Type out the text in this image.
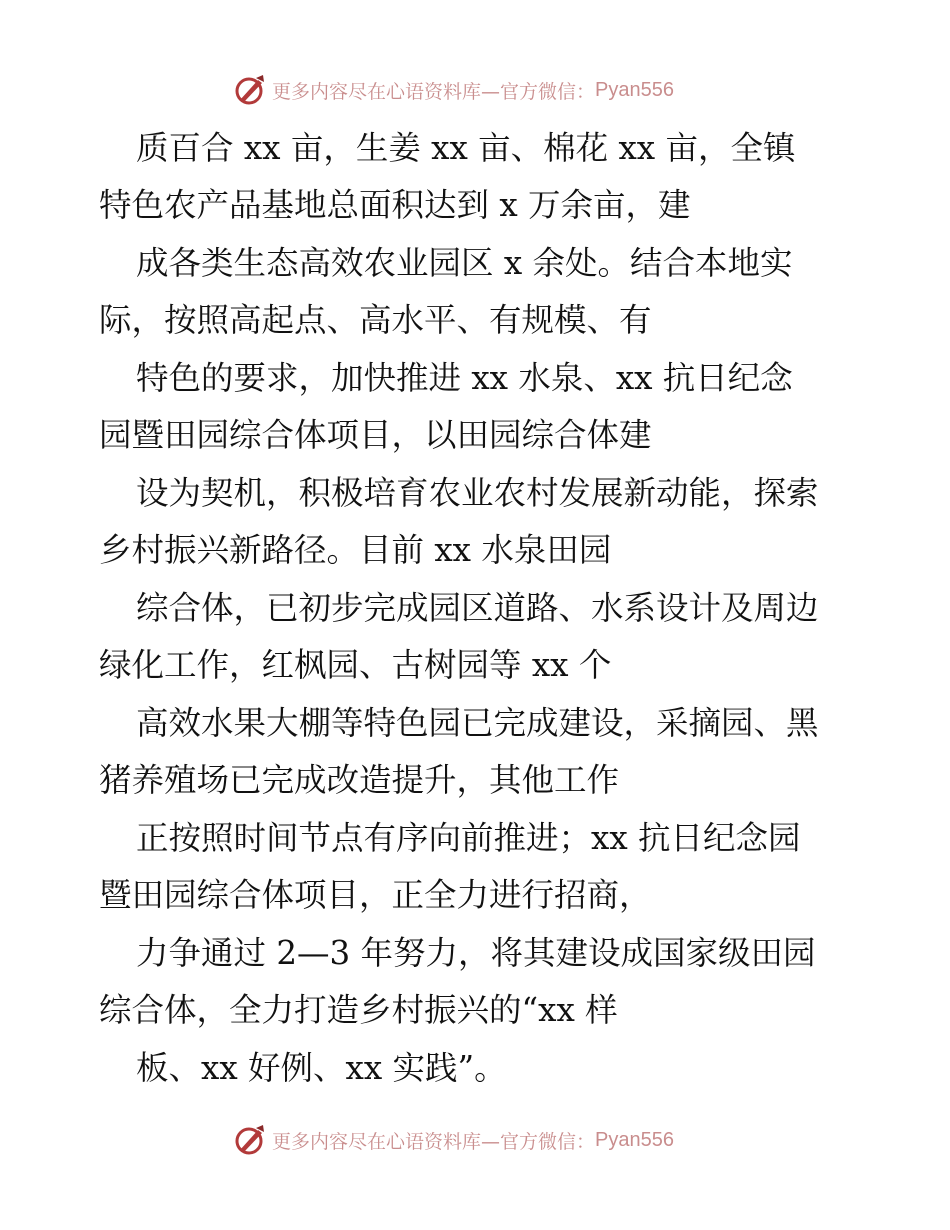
更多内容尽在心语资料库—官方微信： Pyan556
质百合 xx 亩，生姜 xx 亩、棉花 xx 亩，全镇
特色农产品基地总面积达到 x 万余亩，建
成各类生态高效农业园区 x 余处。结合本地实
际，按照高起点、高水平、有规模、有
特色的要求，加快推进 xx 水泉、xx 抗日纪念
园暨田园综合体项目，以田园综合体建
设为契机，积极培育农业农村发展新动能，探索
乡村振兴新路径。目前 xx 水泉田园
综合体，已初步完成园区道路、水系设计及周边
绿化工作，红枫园、古树园等 xx 个
高效水果大棚等特色园已完成建设，采摘园、黑
猪养殖场已完成改造提升，其他工作
正按照时间节点有序向前推进；xx 抗日纪念园
暨田园综合体项目，正全力进行招商，
力争通过 2—3 年努力，将其建设成国家级田园
综合体，全力打造乡村振兴的“xx 样
板、xx 好例、xx 实践”。
更多内容尽在心语资料库—官方微信： Pyan556
